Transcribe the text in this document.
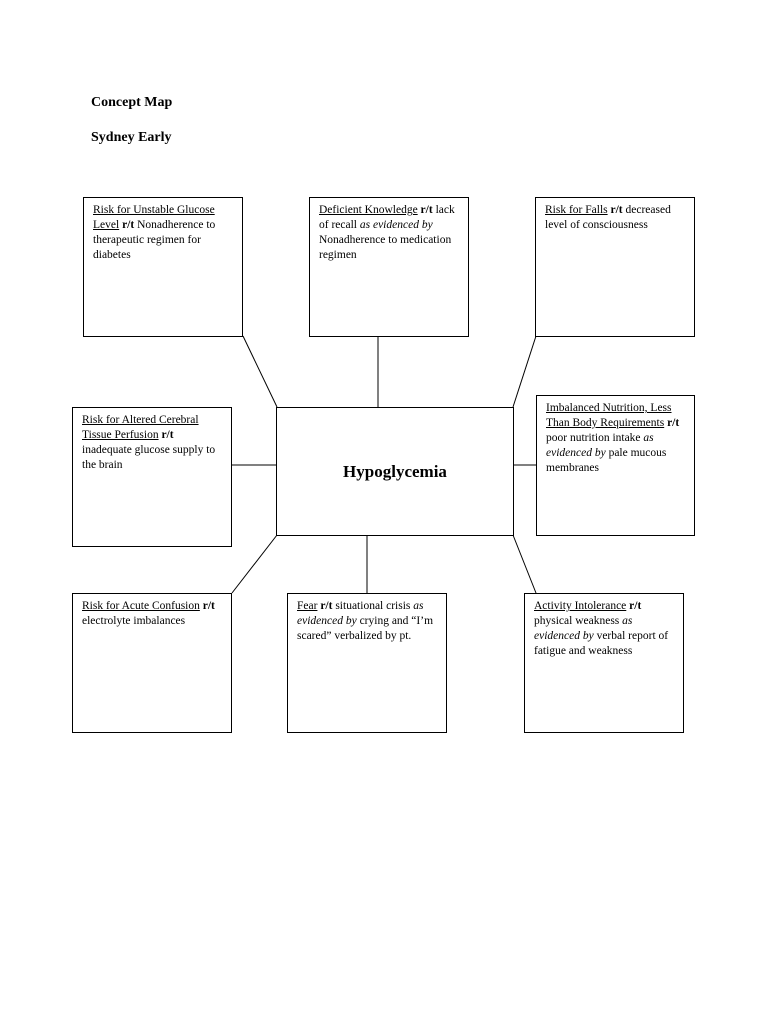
Concept Map
Sydney Early
Risk for Unstable Glucose Level r/t Nonadherence to therapeutic regimen for diabetes
Deficient Knowledge r/t lack of recall as evidenced by Nonadherence to medication regimen
Risk for Falls r/t decreased level of consciousness
Risk for Altered Cerebral Tissue Perfusion r/t inadequate glucose supply to the brain	Hypoglycemia
Imbalanced Nutrition, Less Than Body Requirements r/t poor nutrition intake as evidenced by pale mucous membranes
Risk for Acute Confusion r/t electrolyte imbalances
Fear r/t situational crisis as evidenced by crying and “I’m scared” verbalized by pt.
Activity Intolerance r/t physical weakness as evidenced by verbal report of fatigue and weakness
